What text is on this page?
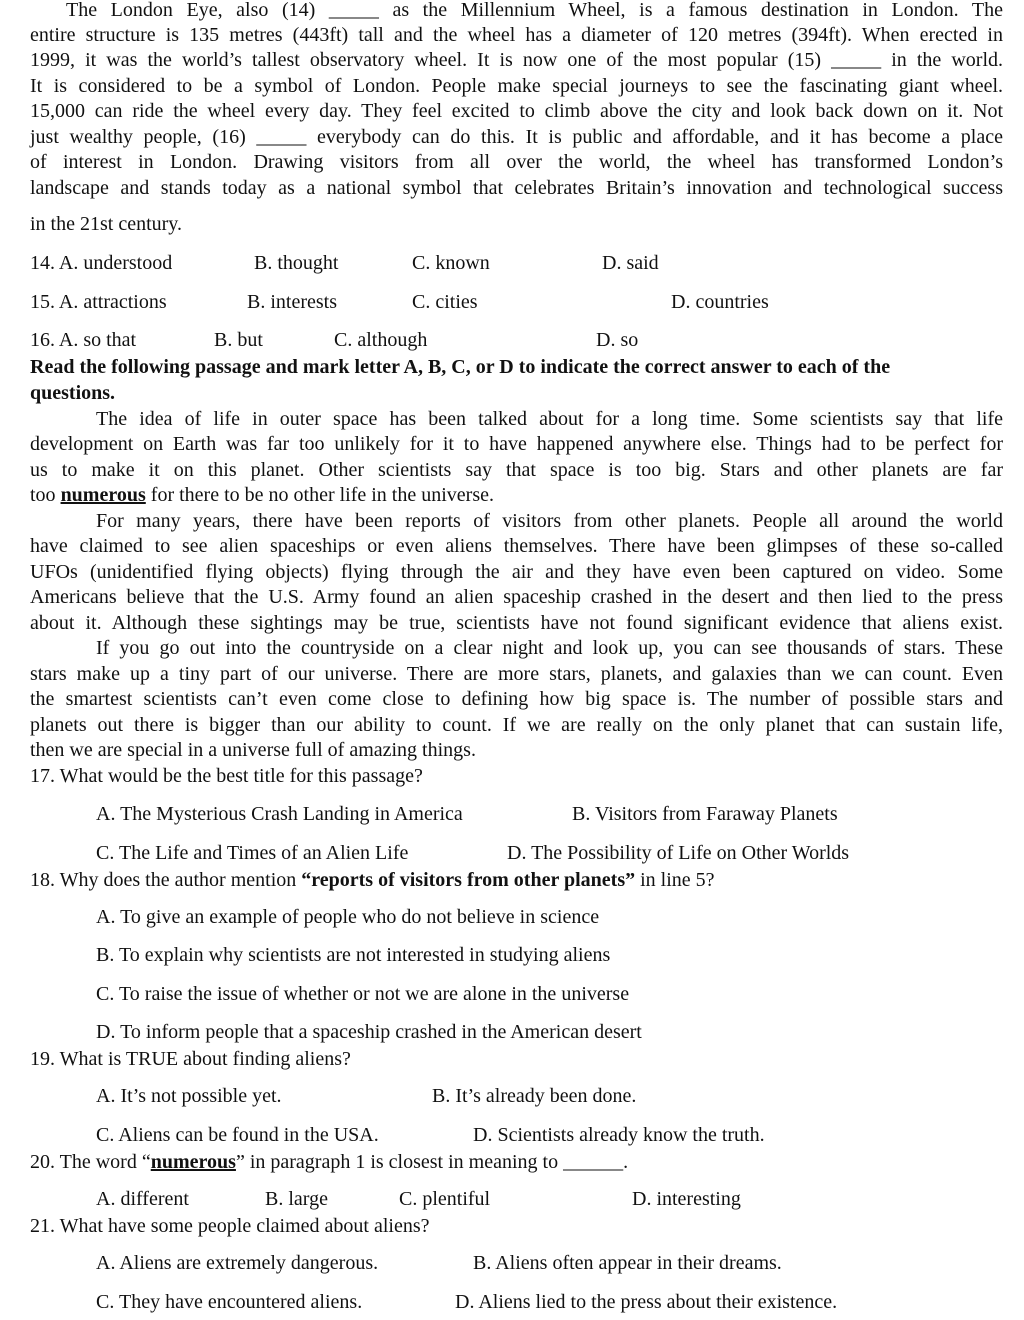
The London Eye, also (14) _____ as the Millennium Wheel, is a famous destination in London. The
entire structure is 135 metres (443ft) tall and the wheel has a diameter of 120 metres (394ft). When erected in
1999, it was the world’s tallest observatory wheel. It is now one of the most popular (15) _____ in the world.
It is considered to be a symbol of London. People make special journeys to see the fascinating giant wheel.
15,000 can ride the wheel every day. They feel excited to climb above the city and look back down on it. Not
just wealthy people, (16) _____ everybody can do this. It is public and affordable, and it has become a place
of interest in London. Drawing visitors from all over the world, the wheel has transformed London’s
landscape and stands today as a national symbol that celebrates Britain’s innovation and technological success
in the 21st century.
14. A. understood	B. thought	C. known	D. said
15. A. attractions	B. interests	C. cities	D. countries
16. A. so that	B. but	C. although	D. so
Read the following passage and mark letter A, B, C, or D to indicate the correct answer to each of the
questions.
The idea of life in outer space has been talked about for a long time. Some scientists say that life
development on Earth was far too unlikely for it to have happened anywhere else. Things had to be perfect for
us to make it on this planet. Other scientists say that space is too big. Stars and other planets are far
too numerous for there to be no other life in the universe.
For many years, there have been reports of visitors from other planets. People all around the world
have claimed to see alien spaceships or even aliens themselves. There have been glimpses of these so-called
UFOs (unidentified flying objects) flying through the air and they have even been captured on video. Some
Americans believe that the U.S. Army found an alien spaceship crashed in the desert and then lied to the press
about it. Although these sightings may be true, scientists have not found significant evidence that aliens exist.
If you go out into the countryside on a clear night and look up, you can see thousands of stars. These
stars make up a tiny part of our universe. There are more stars, planets, and galaxies than we can count. Even
the smartest scientists can’t even come close to defining how big space is. The number of possible stars and
planets out there is bigger than our ability to count. If we are really on the only planet that can sustain life,
then we are special in a universe full of amazing things.
17. What would be the best title for this passage?
A. The Mysterious Crash Landing in America	B. Visitors from Faraway Planets
C. The Life and Times of an Alien Life	D. The Possibility of Life on Other Worlds
18. Why does the author mention “reports of visitors from other planets” in line 5?
A. To give an example of people who do not believe in science
B. To explain why scientists are not interested in studying aliens
C. To raise the issue of whether or not we are alone in the universe
D. To inform people that a spaceship crashed in the American desert
19. What is TRUE about finding aliens?
A. It’s not possible yet.	B. It’s already been done.
C. Aliens can be found in the USA.	D. Scientists already know the truth.
20. The word “numerous” in paragraph 1 is closest in meaning to ______.
A. different	B. large	C. plentiful	D. interesting
21. What have some people claimed about aliens?
A. Aliens are extremely dangerous.	B. Aliens often appear in their dreams.
C. They have encountered aliens.	D. Aliens lied to the press about their existence.
